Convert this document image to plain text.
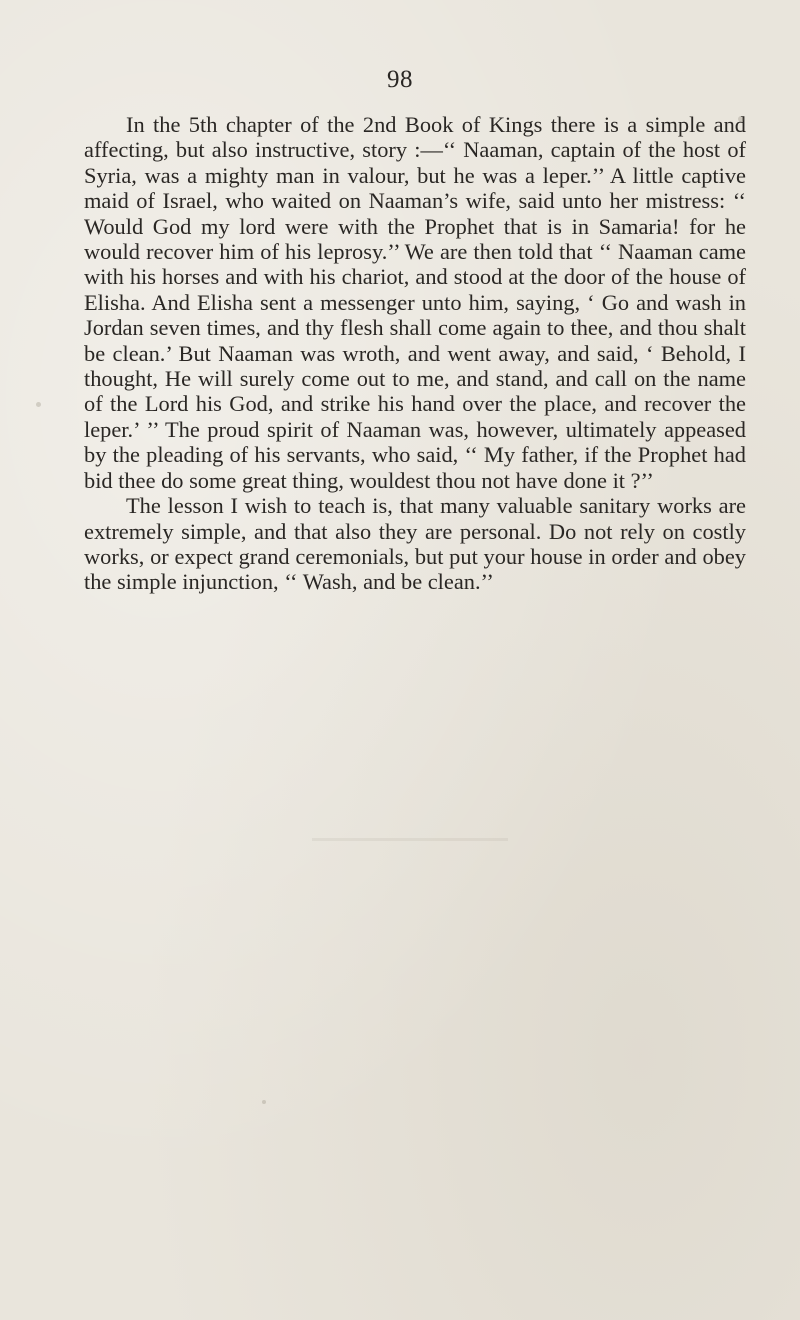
98

In the 5th chapter of the 2nd Book of Kings there is a simple and affecting, but also instructive, story :—‘‘ Naaman, captain of the host of Syria, was a mighty man in valour, but he was a leper.’’ A little captive maid of Israel, who waited on Naaman’s wife, said unto her mistress: ‘‘ Would God my lord were with the Prophet that is in Samaria! for he would recover him of his leprosy.’’ We are then told that ‘‘ Naaman came with his horses and with his chariot, and stood at the door of the house of Elisha. And Elisha sent a messenger unto him, saying, ‘ Go and wash in Jordan seven times, and thy flesh shall come again to thee, and thou shalt be clean.’ But Naaman was wroth, and went away, and said, ‘ Behold, I thought, He will surely come out to me, and stand, and call on the name of the Lord his God, and strike his hand over the place, and recover the leper.’ ’’ The proud spirit of Naaman was, however, ultimately appeased by the pleading of his servants, who said, ‘‘ My father, if the Prophet had bid thee do some great thing, wouldest thou not have done it ?’’

The lesson I wish to teach is, that many valuable sanitary works are extremely simple, and that also they are personal. Do not rely on costly works, or expect grand ceremonials, but put your house in order and obey the simple injunction, ‘‘ Wash, and be clean.’’
